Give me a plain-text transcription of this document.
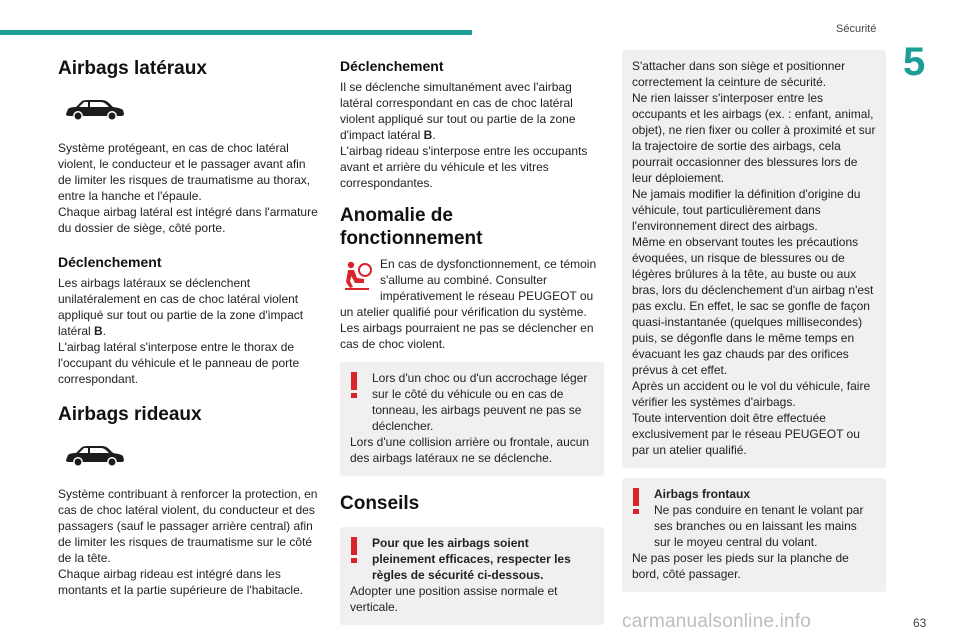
Sécurité
5
Airbags latéraux

Système protégeant, en cas de choc latéral violent, le conducteur et le passager avant afin de limiter les risques de traumatisme au thorax, entre la hanche et l'épaule.

Chaque airbag latéral est intégré dans l'armature du dossier de siège, côté porte.

Déclenchement

Les airbags latéraux se déclenchent unilatéralement en cas de choc latéral violent appliqué sur tout ou partie de la zone d'impact latéral B.

L'airbag latéral s'interpose entre le thorax de l'occupant du véhicule et le panneau de porte correspondant.

Airbags rideaux

Système contribuant à renforcer la protection, en cas de choc latéral violent, du conducteur et des passagers (sauf le passager arrière central) afin de limiter les risques de traumatisme sur le côté de la tête.

Chaque airbag rideau est intégré dans les montants et la partie supérieure de l'habitacle.

Déclenchement

Il se déclenche simultanément avec l'airbag latéral correspondant en cas de choc latéral violent appliqué sur tout ou partie de la zone d'impact latéral B.

L'airbag rideau s'interpose entre les occupants avant et arrière du véhicule et les vitres correspondantes.

Anomalie de fonctionnement

En cas de dysfonctionnement, ce témoin s'allume au combiné. Consulter impérativement le réseau PEUGEOT ou un atelier qualifié pour vérification du système.

Les airbags pourraient ne pas se déclencher en cas de choc violent.

Lors d'un choc ou d'un accrochage léger sur le côté du véhicule ou en cas de tonneau, les airbags peuvent ne pas se déclencher.

Lors d'une collision arrière ou frontale, aucun des airbags latéraux ne se déclenche.

Conseils

Pour que les airbags soient pleinement efficaces, respecter les règles de sécurité ci-dessous.

Adopter une position assise normale et verticale.

S'attacher dans son siège et positionner correctement la ceinture de sécurité.

Ne rien laisser s'interposer entre les occupants et les airbags (ex. : enfant, animal, objet), ne rien fixer ou coller à proximité et sur la trajectoire de sortie des airbags, cela pourrait occasionner des blessures lors de leur déploiement.

Ne jamais modifier la définition d'origine du véhicule, tout particulièrement dans l'environnement direct des airbags.

Même en observant toutes les précautions évoquées, un risque de blessures ou de légères brûlures à la tête, au buste ou aux bras, lors du déclenchement d'un airbag n'est pas exclu. En effet, le sac se gonfle de façon quasi-instantanée (quelques millisecondes) puis, se dégonfle dans le même temps en évacuant les gaz chauds par des orifices prévus à cet effet.

Après un accident ou le vol du véhicule, faire vérifier les systèmes d'airbags.

Toute intervention doit être effectuée exclusivement par le réseau PEUGEOT ou par un atelier qualifié.

Airbags frontaux

Ne pas conduire en tenant le volant par ses branches ou en laissant les mains sur le moyeu central du volant.

Ne pas poser les pieds sur la planche de bord, côté passager.

carmanualsonline.info	63
